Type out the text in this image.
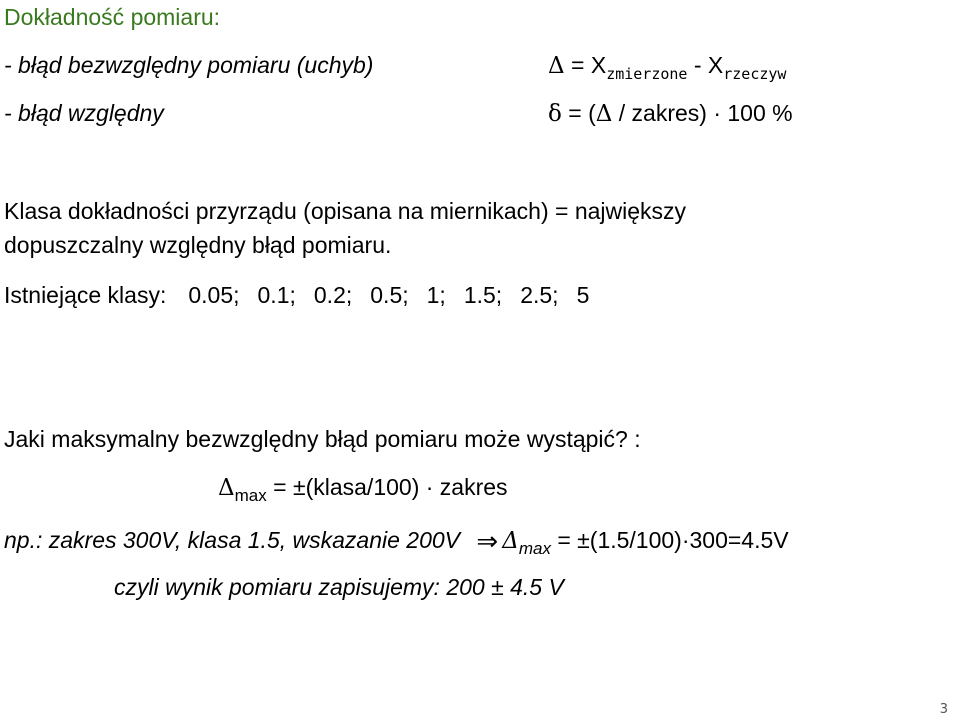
Dokładność pomiaru:
- błąd bezwzględny pomiaru (uchyb)	$\Delta = X_{zmierzone} - X_{rzeczyw}$
- błąd względny	δ = (Δ / zakres) · 100 %
Klasa dokładności przyrządu (opisana na miernikach) = największy
dopuszczalny względny błąd pomiaru.
Istniejące klasy: 0.05; 0.1; 0.2; 0.5; 1; 1.5; 2.5; 5
Jaki maksymalny bezwzględny błąd pomiaru może wystąpić? :
$\Delta_{max}$ = ±(klasa/100) · zakres
np.: zakres 300V, klasa 1.5, wskazanie 200V ⇒ $\Delta_{max} = \pm(1.5/100)\cdot 300=4.5V$
czyli wynik pomiaru zapisujemy: 200 ± 4.5 V
3
